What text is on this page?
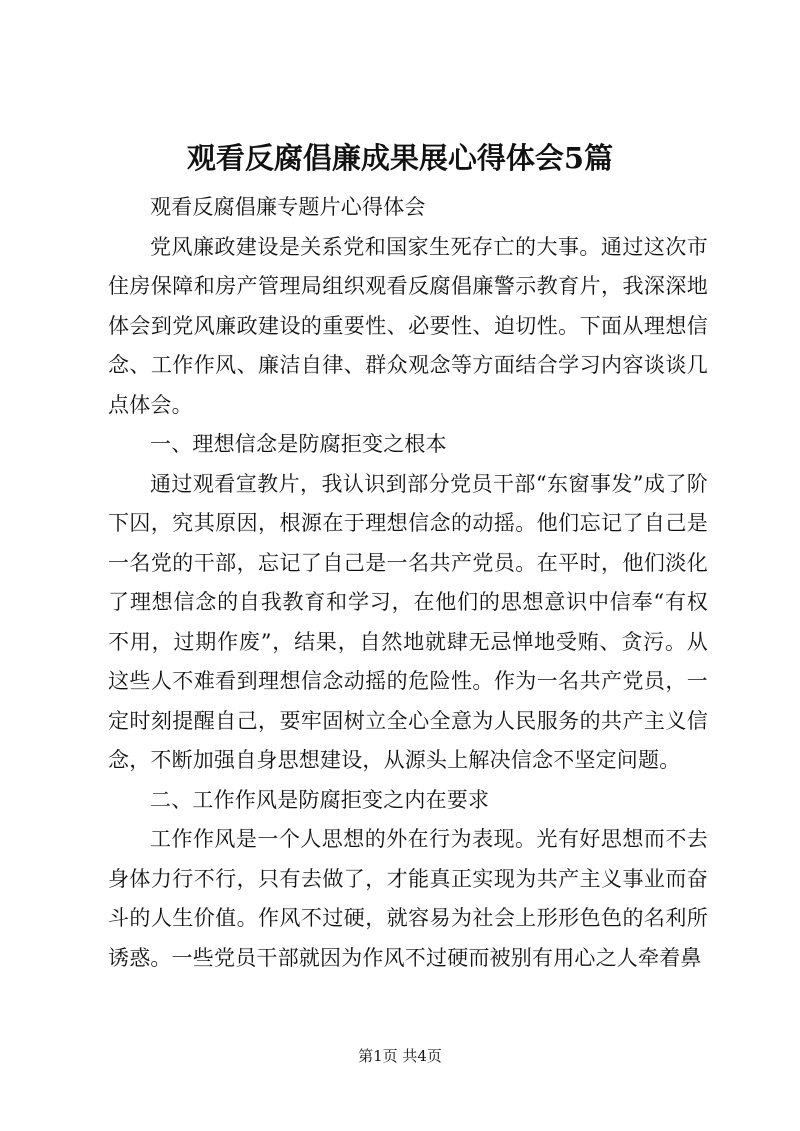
观看反腐倡廉成果展心得体会5篇

观看反腐倡廉专题片心得体会

党风廉政建设是关系党和国家生死存亡的大事。通过这次市住房保障和房产管理局组织观看反腐倡廉警示教育片，我深深地体会到党风廉政建设的重要性、必要性、迫切性。下面从理想信念、工作作风、廉洁自律、群众观念等方面结合学习内容谈谈几点体会。

一、理想信念是防腐拒变之根本

通过观看宣教片，我认识到部分党员干部“东窗事发”成了阶下囚，究其原因，根源在于理想信念的动摇。他们忘记了自己是一名党的干部，忘记了自己是一名共产党员。在平时，他们淡化了理想信念的自我教育和学习，在他们的思想意识中信奉“有权不用，过期作废”，结果，自然地就肆无忌惮地受贿、贪污。从这些人不难看到理想信念动摇的危险性。作为一名共产党员，一定时刻提醒自己，要牢固树立全心全意为人民服务的共产主义信念，不断加强自身思想建设，从源头上解决信念不坚定问题。

二、工作作风是防腐拒变之内在要求

工作作风是一个人思想的外在行为表现。光有好思想而不去身体力行不行，只有去做了，才能真正实现为共产主义事业而奋斗的人生价值。作风不过硬，就容易为社会上形形色色的名利所诱惑。一些党员干部就因为作风不过硬而被别有用心之人牵着鼻

第1页 共4页
